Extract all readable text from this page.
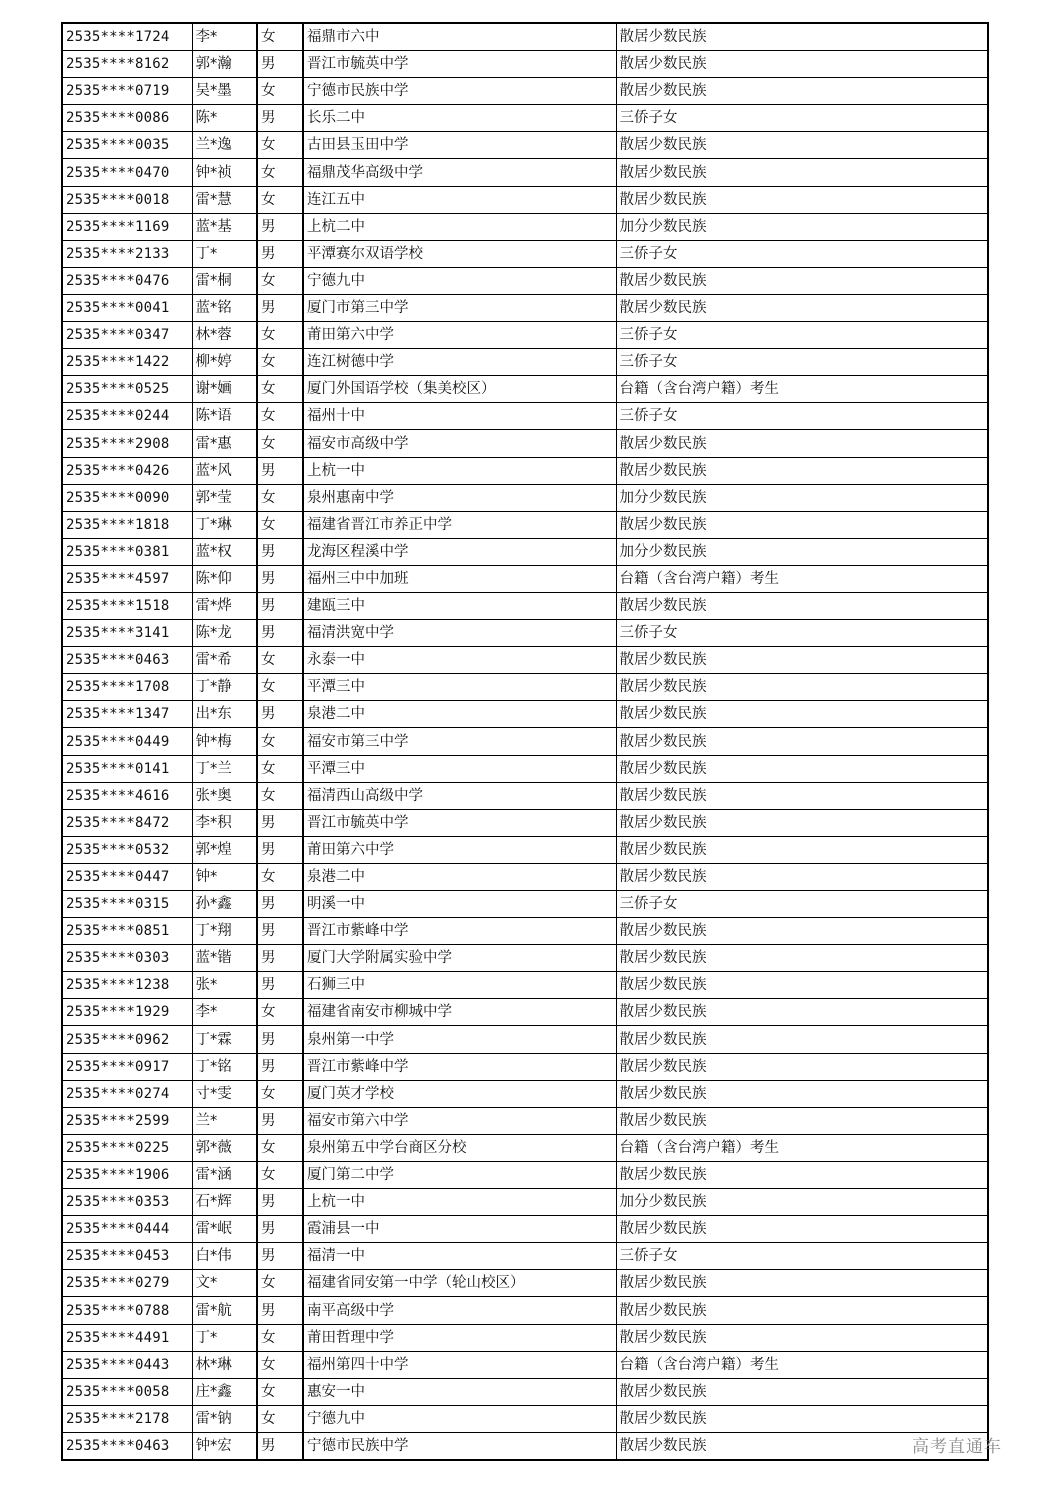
2535****1724	李*	女	福鼎市六中	散居少数民族
2535****8162	郭*瀚	男	晋江市毓英中学	散居少数民族
2535****0719	吴*墨	女	宁德市民族中学	散居少数民族
2535****0086	陈*	男	长乐二中	三侨子女
2535****0035	兰*逸	女	古田县玉田中学	散居少数民族
2535****0470	钟*祯	女	福鼎茂华高级中学	散居少数民族
2535****0018	雷*慧	女	连江五中	散居少数民族
2535****1169	蓝*基	男	上杭二中	加分少数民族
2535****2133	丁*	男	平潭赛尔双语学校	三侨子女
2535****0476	雷*桐	女	宁德九中	散居少数民族
2535****0041	蓝*铭	男	厦门市第三中学	散居少数民族
2535****0347	林*蓉	女	莆田第六中学	三侨子女
2535****1422	柳*婷	女	连江树德中学	三侨子女
2535****0525	谢*婳	女	厦门外国语学校（集美校区）	台籍（含台湾户籍）考生
2535****0244	陈*语	女	福州十中	三侨子女
2535****2908	雷*惠	女	福安市高级中学	散居少数民族
2535****0426	蓝*风	男	上杭一中	散居少数民族
2535****0090	郭*莹	女	泉州惠南中学	加分少数民族
2535****1818	丁*琳	女	福建省晋江市养正中学	散居少数民族
2535****0381	蓝*权	男	龙海区程溪中学	加分少数民族
2535****4597	陈*仰	男	福州三中中加班	台籍（含台湾户籍）考生
2535****1518	雷*烨	男	建瓯三中	散居少数民族
2535****3141	陈*龙	男	福清洪宽中学	三侨子女
2535****0463	雷*希	女	永泰一中	散居少数民族
2535****1708	丁*静	女	平潭三中	散居少数民族
2535****1347	出*东	男	泉港二中	散居少数民族
2535****0449	钟*梅	女	福安市第三中学	散居少数民族
2535****0141	丁*兰	女	平潭三中	散居少数民族
2535****4616	张*奥	女	福清西山高级中学	散居少数民族
2535****8472	李*积	男	晋江市毓英中学	散居少数民族
2535****0532	郭*煌	男	莆田第六中学	散居少数民族
2535****0447	钟*	女	泉港二中	散居少数民族
2535****0315	孙*鑫	男	明溪一中	三侨子女
2535****0851	丁*翔	男	晋江市紫峰中学	散居少数民族
2535****0303	蓝*锴	男	厦门大学附属实验中学	散居少数民族
2535****1238	张*	男	石狮三中	散居少数民族
2535****1929	李*	女	福建省南安市柳城中学	散居少数民族
2535****0962	丁*霖	男	泉州第一中学	散居少数民族
2535****0917	丁*铭	男	晋江市紫峰中学	散居少数民族
2535****0274	寸*雯	女	厦门英才学校	散居少数民族
2535****2599	兰*	男	福安市第六中学	散居少数民族
2535****0225	郭*薇	女	泉州第五中学台商区分校	台籍（含台湾户籍）考生
2535****1906	雷*涵	女	厦门第二中学	散居少数民族
2535****0353	石*辉	男	上杭一中	加分少数民族
2535****0444	雷*岷	男	霞浦县一中	散居少数民族
2535****0453	白*伟	男	福清一中	三侨子女
2535****0279	文*	女	福建省同安第一中学（轮山校区）	散居少数民族
2535****0788	雷*航	男	南平高级中学	散居少数民族
2535****4491	丁*	女	莆田哲理中学	散居少数民族
2535****0443	林*琳	女	福州第四十中学	台籍（含台湾户籍）考生
2535****0058	庄*鑫	女	惠安一中	散居少数民族
2535****2178	雷*钠	女	宁德九中	散居少数民族
2535****0463	钟*宏	男	宁德市民族中学	散居少数民族	高考直通车
